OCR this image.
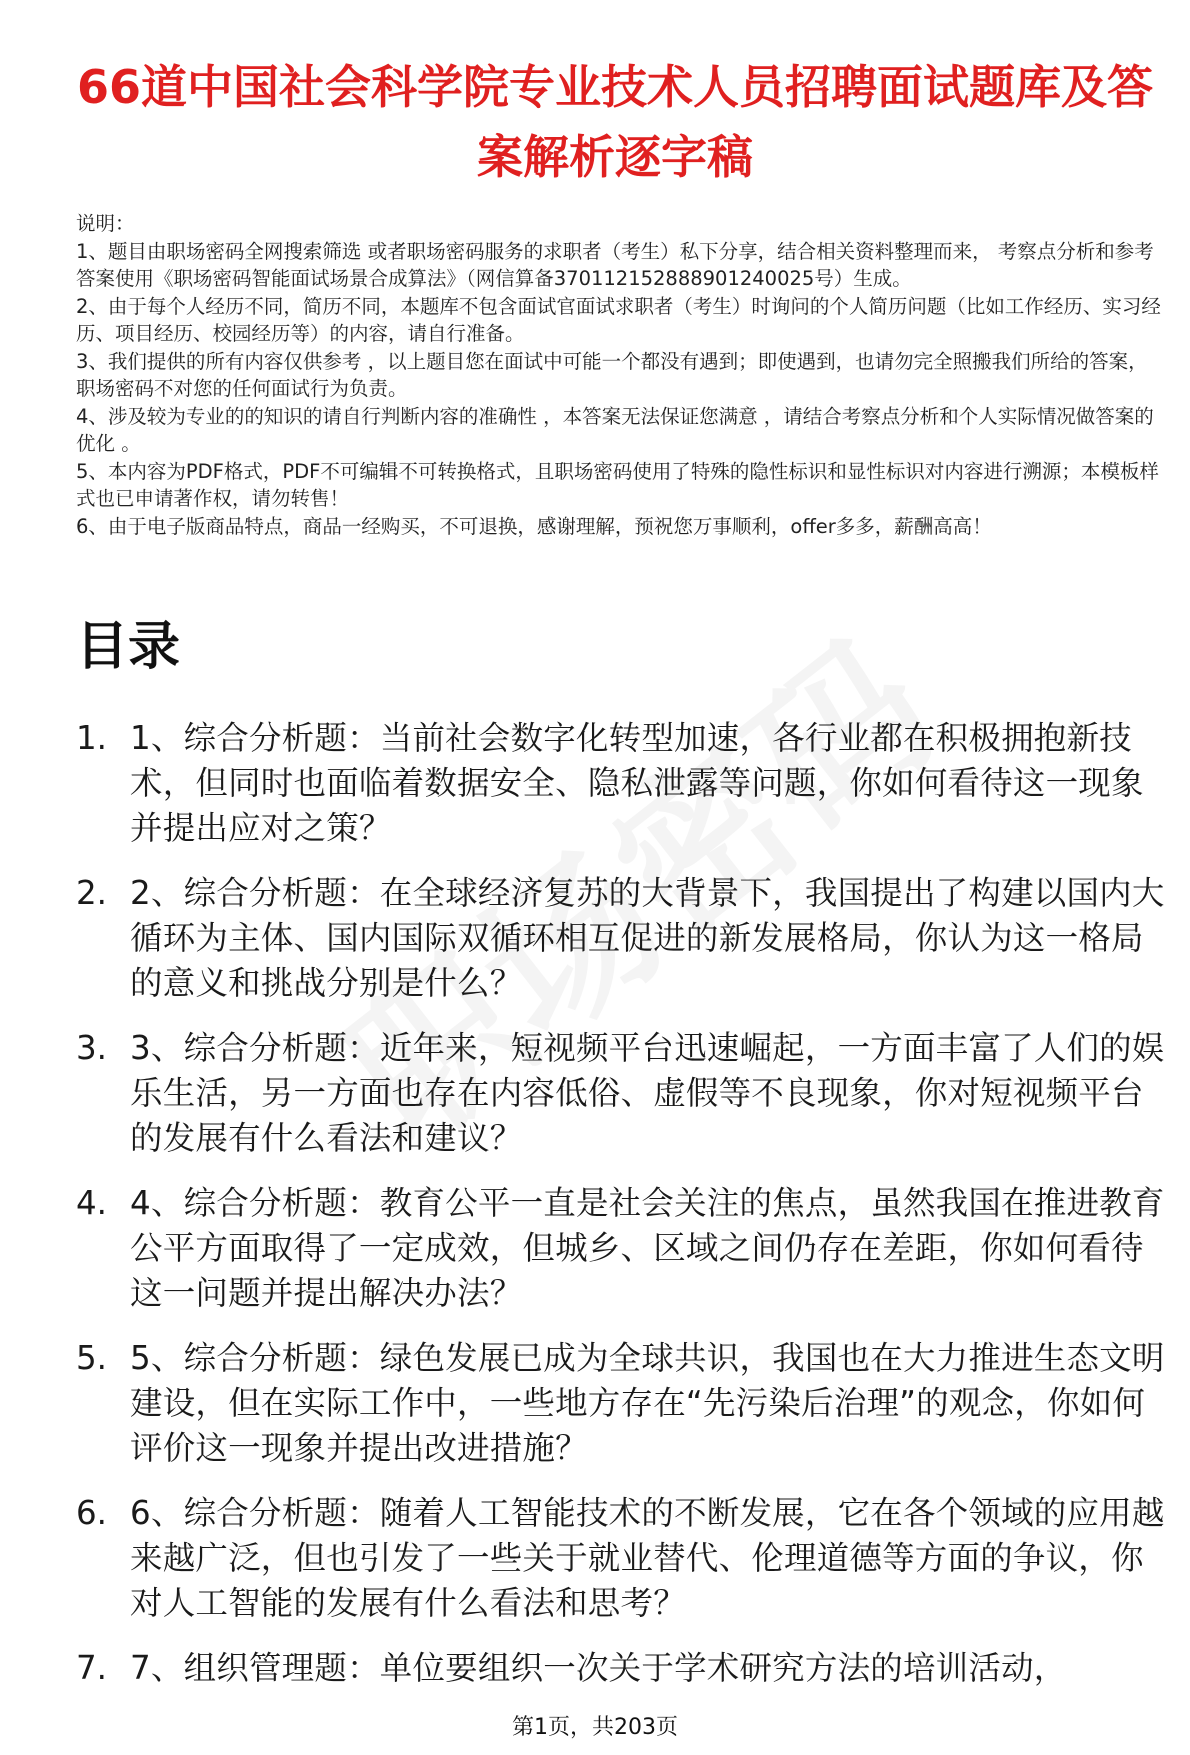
66道中国社会科学院专业技术人员招聘面试题库及答案解析逐字稿

说明：

1、题目由职场密码全网搜索筛选 或者职场密码服务的求职者（考生）私下分享，结合相关资料整理而来， 考察点分析和参考答案使用《职场密码智能面试场景合成算法》（网信算备370112152888901240025号）生成。

2、由于每个人经历不同，简历不同，本题库不包含面试官面试求职者（考生）时询问的个人简历问题（比如工作经历、实习经历、项目经历、校园经历等）的内容，请自行准备。

3、我们提供的所有内容仅供参考 ，以上题目您在面试中可能一个都没有遇到；即使遇到，也请勿完全照搬我们所给的答案，职场密码不对您的任何面试行为负责。

4、涉及较为专业的的知识的请自行判断内容的准确性 ，本答案无法保证您满意 ，请结合考察点分析和个人实际情况做答案的优化 。

5、本内容为PDF格式，PDF不可编辑不可转换格式，且职场密码使用了特殊的隐性标识和显性标识对内容进行溯源；本模板样式也已申请著作权，请勿转售！

6、由于电子版商品特点，商品一经购买，不可退换，感谢理解，预祝您万事顺利，offer多多，薪酬高高！

目录
1. 1、综合分析题：当前社会数字化转型加速，各行业都在积极拥抱新技术，但同时也面临着数据安全、隐私泄露等问题，你如何看待这一现象并提出应对之策？
2. 2、综合分析题：在全球经济复苏的大背景下，我国提出了构建以国内大循环为主体、国内国际双循环相互促进的新发展格局，你认为这一格局的意义和挑战分别是什么？
3. 3、综合分析题：近年来，短视频平台迅速崛起，一方面丰富了人们的娱乐生活，另一方面也存在内容低俗、虚假等不良现象，你对短视频平台的发展有什么看法和建议？
4. 4、综合分析题：教育公平一直是社会关注的焦点，虽然我国在推进教育公平方面取得了一定成效，但城乡、区域之间仍存在差距，你如何看待这一问题并提出解决办法？
5. 5、综合分析题：绿色发展已成为全球共识，我国也在大力推进生态文明建设，但在实际工作中，一些地方存在“先污染后治理”的观念，你如何评价这一现象并提出改进措施？
6. 6、综合分析题：随着人工智能技术的不断发展，它在各个领域的应用越来越广泛，但也引发了一些关于就业替代、伦理道德等方面的争议，你对人工智能的发展有什么看法和思考？
7. 7、组织管理题：单位要组织一次关于学术研究方法的培训活动，
第1页，共203页
